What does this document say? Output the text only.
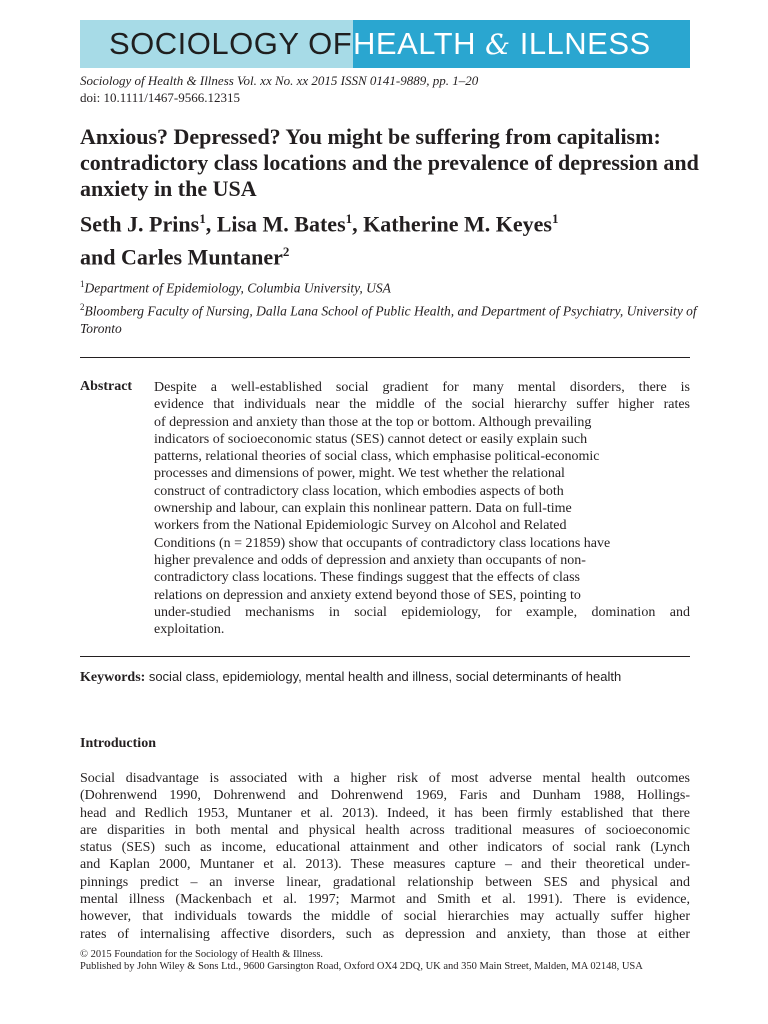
SOCIOLOGY OF HEALTH & ILLNESS
Sociology of Health & Illness Vol. xx No. xx 2015 ISSN 0141-9889, pp. 1–20
doi: 10.1111/1467-9566.12315
Anxious? Depressed? You might be suffering from capitalism: contradictory class locations and the prevalence of depression and anxiety in the USA
Seth J. Prins$^1$, Lisa M. Bates$^1$, Katherine M. Keyes$^1$
and Carles Muntaner$^2$
$^1$Department of Epidemiology, Columbia University, USA
$^2$Bloomberg Faculty of Nursing, Dalla Lana School of Public Health, and Department of Psychiatry, University of Toronto
Abstract Despite a well-established social gradient for many mental disorders, there is

evidence that individuals near the middle of the social hierarchy suffer higher rates

of depression and anxiety than those at the top or bottom. Although prevailing

indicators of socioeconomic status (SES) cannot detect or easily explain such

patterns, relational theories of social class, which emphasise political-economic

processes and dimensions of power, might. We test whether the relational

construct of contradictory class location, which embodies aspects of both

ownership and labour, can explain this nonlinear pattern. Data on full-time

workers from the National Epidemiologic Survey on Alcohol and Related

Conditions (n = 21859) show that occupants of contradictory class locations have

higher prevalence and odds of depression and anxiety than occupants of non-

contradictory class locations. These findings suggest that the effects of class

relations on depression and anxiety extend beyond those of SES, pointing to

under-studied mechanisms in social epidemiology, for example, domination and

exploitation.

Keywords: social class, epidemiology, mental health and illness, social determinants of health
Introduction

Social disadvantage is associated with a higher risk of most adverse mental health outcomes

(Dohrenwend 1990, Dohrenwend and Dohrenwend 1969, Faris and Dunham 1988, Hollings-

head and Redlich 1953, Muntaner et al. 2013). Indeed, it has been firmly established that there

are disparities in both mental and physical health across traditional measures of socioeconomic

status (SES) such as income, educational attainment and other indicators of social rank (Lynch

and Kaplan 2000, Muntaner et al. 2013). These measures capture – and their theoretical under-

pinnings predict – an inverse linear, gradational relationship between SES and physical and

mental illness (Mackenbach et al. 1997; Marmot and Smith et al. 1991). There is evidence,

however, that individuals towards the middle of social hierarchies may actually suffer higher

rates of internalising affective disorders, such as depression and anxiety, than those at either

© 2015 Foundation for the Sociology of Health & Illness.
Published by John Wiley & Sons Ltd., 9600 Garsington Road, Oxford OX4 2DQ, UK and 350 Main Street, Malden, MA 02148, USA
